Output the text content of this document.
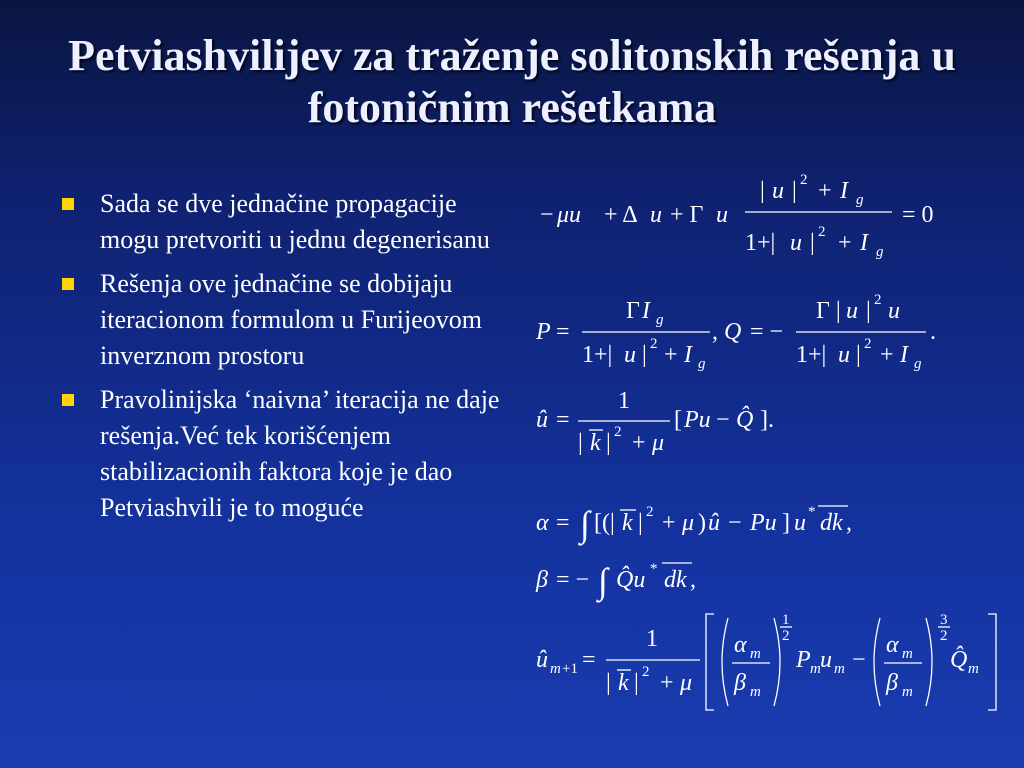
Petviashvilijev za traženje solitonskih rešenja u fotoničnim rešetkama
Sada se dve jednačine propagacije mogu pretvoriti u jednu degenerisanu
Rešenja ove jednačine se dobijaju iteracionom formulom u Furijeovom inverznom prostoru
Pravolinijska ‘naivna’ iteracija ne daje rešenja.Već tek korišćenjem stabilizacionih faktora koje je dao Petviashvili je to moguće
− μu + Δ u + Γ u
| u | 2 + I g
1+| u | 2 + I g
= 0
P =
Γ I g
1+| u | 2 + I g
, Q = −
Γ | u | 2 u
1+| u | 2 + I g
.
û =
1
| k | 2 + μ
[ Pu − Q̂ ].
α = ∫ [(| k | 2 + μ ) û − Pu ] u * dk ,
β = − ∫ Q̂u * dk ,
û m +1 =
1
| k | 2 + μ
α m
β m
1
2
P m u m −
α m
β m
3
2
Q̂ m
